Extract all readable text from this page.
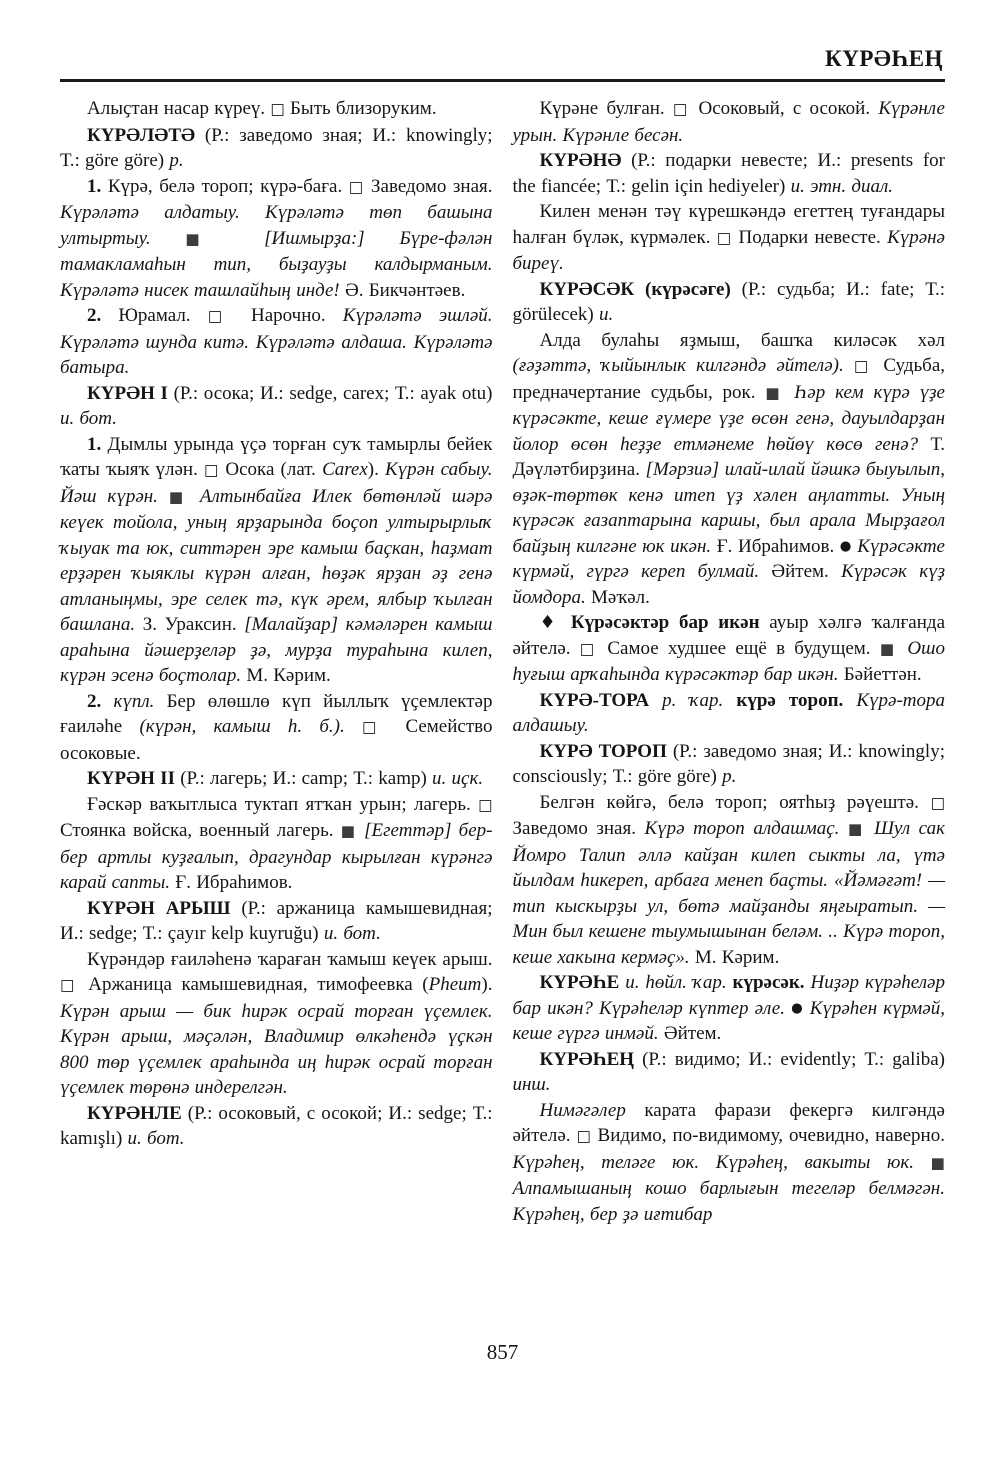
КҮРӘҺЕҢ

Алыҫтан насар күреү. □ Быть близоруким.

КҮРӘЛӘТӘ (Р.: заведомо зная; И.: knowingly; Т.: göre göre) р.

1. Күрә, белә тороп; күрә-баға. □ Заведомо зная. Күрәләтә алдатыу. Күрәләтә төп башына ултыртыу. ■ [Ишмырҙа:] Бүре-фәлән тамакламаһын тип, быҙауҙы калдырманым. Күрәләтә нисек ташлайһың инде! Ә. Бикчәнтәев.

2. Юрамал. □ Нарочно. Күрәләтә эшләй. Күрәләтә шунда китә. Күрәләтә алдаша. Күрәләтә батыра.

КҮРӘН I (Р.: осока; И.: sedge, carex; Т.: ayak otu) и. бот.

1. Дымлы урында үҫә торған суҡ тамырлы бейек ҡаты ҡыяҡ үлән. □ Осока (лат. Carex). Күрән сабыу. Йәш күрән. ■ Алтынбайға Илек бөтөнләй шәрә кеүек тойола, уның ярҙарында боҫоп ултырырлыҡ ҡыуак та юк, ситтәрен эре камыш баҫкан, һаҙмат ерҙәрен ҡыяклы күрән алған, һөҙәк ярҙан әҙ генә атланыңмы, эре селек тә, күк әрем, ялбыр ҡылған башлана. З. Ураксин. [Малайҙар] кәмәләрен камыш араһына йәшерҙеләр ҙә, мурҙа тураһына килеп, күрән эсенә боҫтолар. М. Кәрим.

2. күпл. Бер өлөшлө күп йыллыҡ үҫемлектәр ғаиләһе (күрән, камыш һ. б.). □ Семейство осоковые.

КҮРӘН II (Р.: лагерь; И.: camp; Т.: kamp) и. иҫк.

Ғәскәр ваҡытлыса туктап ятҡан урын; лагерь. □ Стоянка войска, военный лагерь. ■ [Егеттәр] бер-бер артлы куҙғалып, драгундар кырылған күрәнгә карай сапты. Ғ. Ибраһимов.

КҮРӘН АРЫШ (Р.: аржаница камышевидная; И.: sedge; Т.: çayır kelp kuyruğu) и. бот.

Күрәндәр ғаиләһенә ҡараған ҡамыш кеүек арыш. □ Аржаница камышевидная, тимофеевка (Pheum). Күрән арыш — бик һирәк осрай торған үҫемлек. Күрән арыш, мәҫәлән, Владимир өлкәһендә үҫкән 800 төр үҫемлек араһында иң һирәк осрай торған үҫемлек төрөнә индерелгән.

КҮРӘНЛЕ (Р.: осоковый, с осокой; И.: sedge; Т.: kamışlı) и. бот.

Күрәне булған. □ Осоковый, с осокой. Күрәнле урын. Күрәнле бесән.

КҮРӘНӘ (Р.: подарки невесте; И.: presents for the fiancée; Т.: gelin için hediyeler) и. этн. диал.

Килен менән тәү күрешкәндә егеттең туғандары һалған бүләк, күрмәлек. □ Подарки невесте. Күрәнә биреү.

КҮРӘСӘК (күрәсәге) (Р.: судьба; И.: fate; Т.: görülecek) и.

Алда булаһы яҙмыш, башҡа киләсәк хәл (ғәҙәттә, ҡыйынлык килгәндә әйтелә). □ Судьба, предначертание судьбы, рок. ■ Һәр кем күрә үҙе күрәсәкте, кеше ғүмере үҙе өсөн генә, дауылдарҙан йолор өсөн һеҙҙе етмәнеме һөйөү көсө генә? Т. Дәүләтбирҙина. [Мәрзиә] илай-илай йәшкә быуылып, өҙәк-төртөк кенә итеп үҙ хәлен аңлатты. Уның күрәсәк ғазаптарына каршы, был арала Мырҙағол байҙың килгәне юк икән. Ғ. Ибраһимов. ● Күрәсәкте күрмәй, гүргә кереп булмай. Әйтем. Күрәсәк күҙ йомдора. Мәҡәл.

♦ Күрәсәктәр бар икән ауыр хәлгә ҡалғанда әйтелә. □ Самое худшее ещё в будущем. ■ Ошо һуғыш арҡаһында күрәсәктәр бар икән. Бәйеттән.

КҮРӘ-ТОРА р. ҡар. күрә тороп. Күрә-тора алдашыу.

КҮРӘ ТОРОП (Р.: заведомо зная; И.: knowingly; consciously; Т.: göre göre) р.

Белгән көйгә, белә тороп; оятһыҙ рәүештә. □ Заведомо зная. Күрә тороп алдашмаҫ. ■ Шул сак Йомро Талип әллә кайҙан килеп сыкты ла, үтә йылдам һикереп, арбаға менеп баҫты. «Йәмәғәт! — тип кыскырҙы ул, бөтә майҙанды яңғыратып. — Мин был кешене тыумышынан беләм. .. Күрә тороп, кеше хакына кермәҫ». М. Кәрим.

КҮРӘҺЕ и. һөйл. ҡар. күрәсәк. Ниҙәр күрәһеләр бар икән? Күрәһеләр күптер әле. ● Күрәһен күрмәй, кеше гүргә инмәй. Әйтем.

КҮРӘҺЕҢ (Р.: видимо; И.: evidently; Т.: galiba) инш.

Нимәгәлер карата фарази фекергә килгәндә әйтелә. □ Видимо, по-видимому, очевидно, наверно. Күрәһең, теләге юк. Күрәһең, вакыты юк. ■ Алпамышаның кошо барлығын тегеләр белмәгән. Күрәһең, бер ҙә иғтибар

857
